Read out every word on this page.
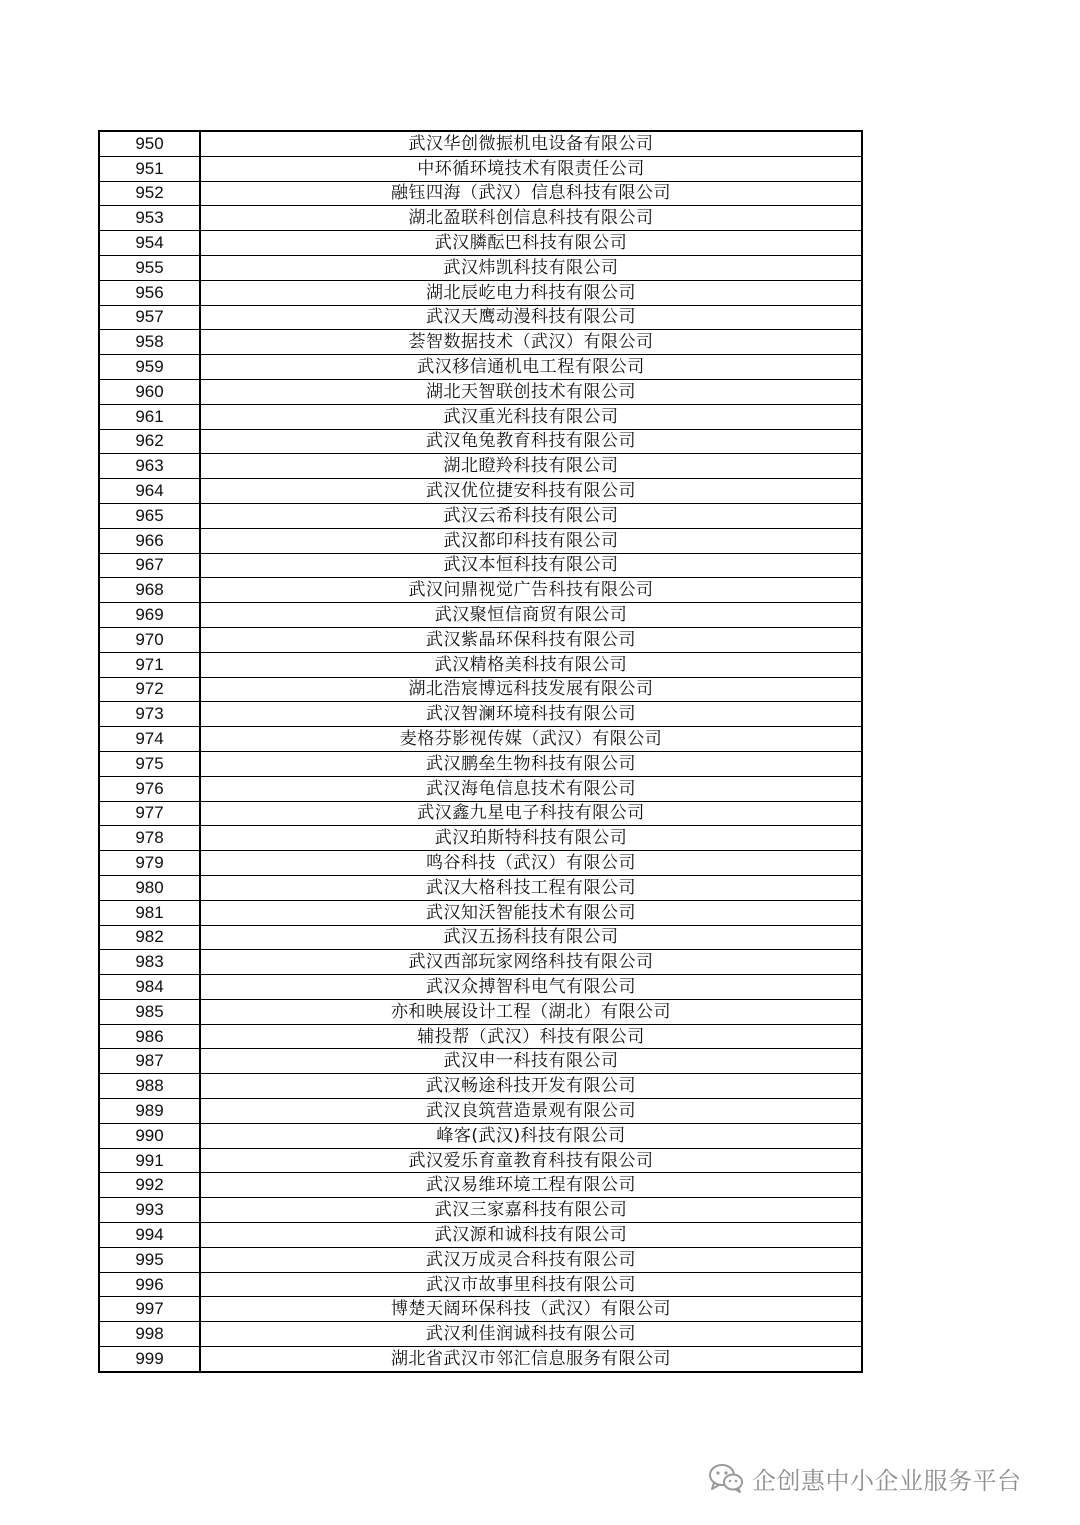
950	武汉华创微振机电设备有限公司
951	中环循环境技术有限责任公司
952	融钰四海（武汉）信息科技有限公司
953	湖北盈联科创信息科技有限公司
954	武汉膦酝巴科技有限公司
955	武汉炜凯科技有限公司
956	湖北辰屹电力科技有限公司
957	武汉天鹰动漫科技有限公司
958	荟智数据技术（武汉）有限公司
959	武汉移信通机电工程有限公司
960	湖北天智联创技术有限公司
961	武汉重光科技有限公司
962	武汉龟兔教育科技有限公司
963	湖北瞪羚科技有限公司
964	武汉优位捷安科技有限公司
965	武汉云希科技有限公司
966	武汉都印科技有限公司
967	武汉本恒科技有限公司
968	武汉问鼎视觉广告科技有限公司
969	武汉聚恒信商贸有限公司
970	武汉紫晶环保科技有限公司
971	武汉精格美科技有限公司
972	湖北浩宸博远科技发展有限公司
973	武汉智澜环境科技有限公司
974	麦格芬影视传媒（武汉）有限公司
975	武汉鹏垒生物科技有限公司
976	武汉海龟信息技术有限公司
977	武汉鑫九星电子科技有限公司
978	武汉珀斯特科技有限公司
979	鸣谷科技（武汉）有限公司
980	武汉大格科技工程有限公司
981	武汉知沃智能技术有限公司
982	武汉五扬科技有限公司
983	武汉西部玩家网络科技有限公司
984	武汉众搏智科电气有限公司
985	亦和映展设计工程（湖北）有限公司
986	辅投帮（武汉）科技有限公司
987	武汉申一科技有限公司
988	武汉畅途科技开发有限公司
989	武汉良筑营造景观有限公司
990	峰客(武汉)科技有限公司
991	武汉爱乐育童教育科技有限公司
992	武汉易维环境工程有限公司
993	武汉三家嘉科技有限公司
994	武汉源和诚科技有限公司
995	武汉万成灵合科技有限公司
996	武汉市故事里科技有限公司
997	博楚天阔环保科技（武汉）有限公司
998	武汉利佳润诚科技有限公司
999	湖北省武汉市邻汇信息服务有限公司
企创惠中小企业服务平台
